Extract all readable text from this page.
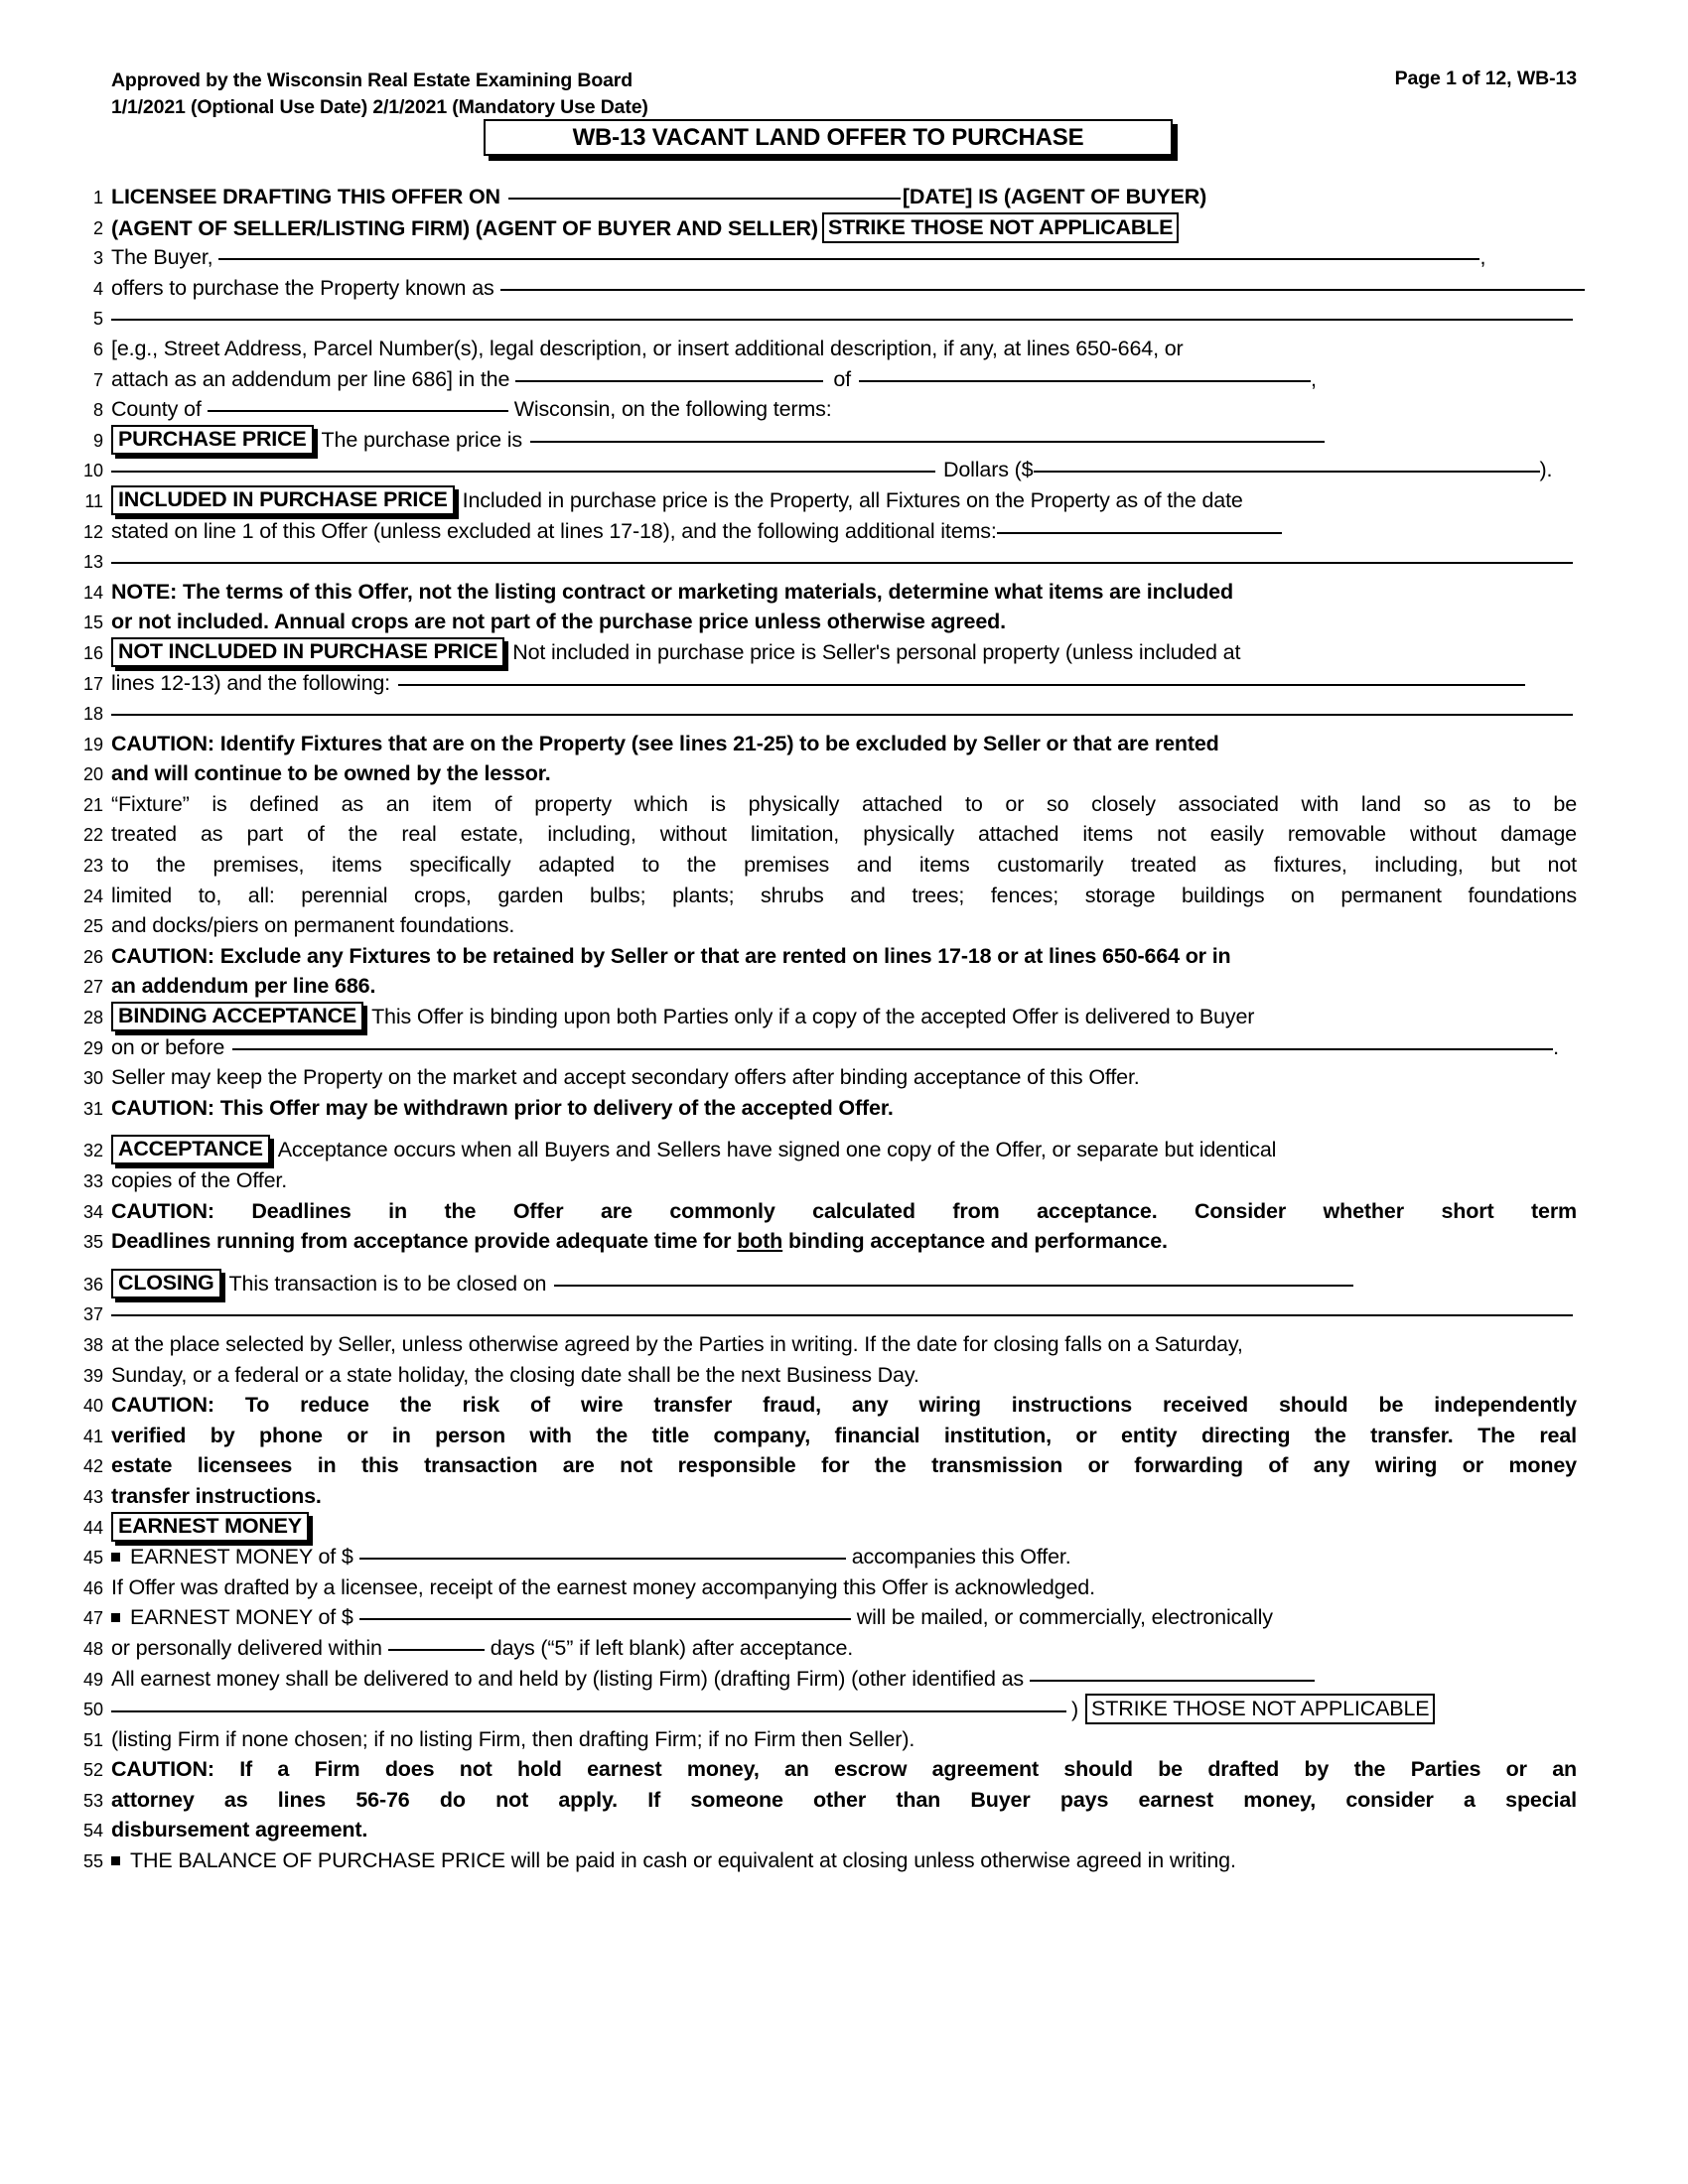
Approved by the Wisconsin Real Estate Examining Board
1/1/2021 (Optional Use Date) 2/1/2021 (Mandatory Use Date)
Page 1 of 12, WB-13
WB-13 VACANT LAND OFFER TO PURCHASE
1 LICENSEE DRAFTING THIS OFFER ON	[DATE] IS (AGENT OF BUYER)
2 (AGENT OF SELLER/LISTING FIRM) (AGENT OF BUYER AND SELLER) STRIKE THOSE NOT APPLICABLE
3 The Buyer,	,
4 offers to purchase the Property known as
5
6 [e.g., Street Address, Parcel Number(s), legal description, or insert additional description, if any, at lines 650-664, or
7 attach as an addendum per line 686] in the	of	,
8 County of	Wisconsin, on the following terms:
9 PURCHASE PRICE The purchase price is
10	Dollars ($	).
11 INCLUDED IN PURCHASE PRICE Included in purchase price is the Property, all Fixtures on the Property as of the date
12 stated on line 1 of this Offer (unless excluded at lines 17-18), and the following additional items:
13
14 NOTE: The terms of this Offer, not the listing contract or marketing materials, determine what items are included
15 or not included. Annual crops are not part of the purchase price unless otherwise agreed.
16 NOT INCLUDED IN PURCHASE PRICE Not included in purchase price is Seller's personal property (unless included at
17 lines 12-13) and the following:
18
19 CAUTION: Identify Fixtures that are on the Property (see lines 21-25) to be excluded by Seller or that are rented
20 and will continue to be owned by the lessor.
21 “Fixture” is defined as an item of property which is physically attached to or so closely associated with land so as to be
22 treated as part of the real estate, including, without limitation, physically attached items not easily removable without damage
23 to the premises, items specifically adapted to the premises and items customarily treated as fixtures, including, but not
24 limited to, all: perennial crops, garden bulbs; plants; shrubs and trees; fences; storage buildings on permanent foundations
25 and docks/piers on permanent foundations.
26 CAUTION: Exclude any Fixtures to be retained by Seller or that are rented on lines 17-18 or at lines 650-664 or in
27 an addendum per line 686.
28 BINDING ACCEPTANCE This Offer is binding upon both Parties only if a copy of the accepted Offer is delivered to Buyer
29 on or before	.
30 Seller may keep the Property on the market and accept secondary offers after binding acceptance of this Offer.
31 CAUTION: This Offer may be withdrawn prior to delivery of the accepted Offer.
32 ACCEPTANCE Acceptance occurs when all Buyers and Sellers have signed one copy of the Offer, or separate but identical
33 copies of the Offer.
34 CAUTION: Deadlines in the Offer are commonly calculated from acceptance. Consider whether short term
35 Deadlines running from acceptance provide adequate time for both binding acceptance and performance.
36 CLOSING This transaction is to be closed on
37
38 at the place selected by Seller, unless otherwise agreed by the Parties in writing. If the date for closing falls on a Saturday,
39 Sunday, or a federal or a state holiday, the closing date shall be the next Business Day.
40 CAUTION: To reduce the risk of wire transfer fraud, any wiring instructions received should be independently
41 verified by phone or in person with the title company, financial institution, or entity directing the transfer. The real
42 estate licensees in this transaction are not responsible for the transmission or forwarding of any wiring or money
43 transfer instructions.
44 EARNEST MONEY
45	EARNEST MONEY of $	accompanies this Offer.
46 If Offer was drafted by a licensee, receipt of the earnest money accompanying this Offer is acknowledged.
47	EARNEST MONEY of $	will be mailed, or commercially, electronically
48 or personally delivered within	days (“5” if left blank) after acceptance.
49 All earnest money shall be delivered to and held by (listing Firm) (drafting Firm) (other identified as
50	) STRIKE THOSE NOT APPLICABLE
51 (listing Firm if none chosen; if no listing Firm, then drafting Firm; if no Firm then Seller).
52 CAUTION: If a Firm does not hold earnest money, an escrow agreement should be drafted by the Parties or an
53 attorney as lines 56-76 do not apply. If someone other than Buyer pays earnest money, consider a special
54 disbursement agreement.
55	THE BALANCE OF PURCHASE PRICE will be paid in cash or equivalent at closing unless otherwise agreed in writing.
